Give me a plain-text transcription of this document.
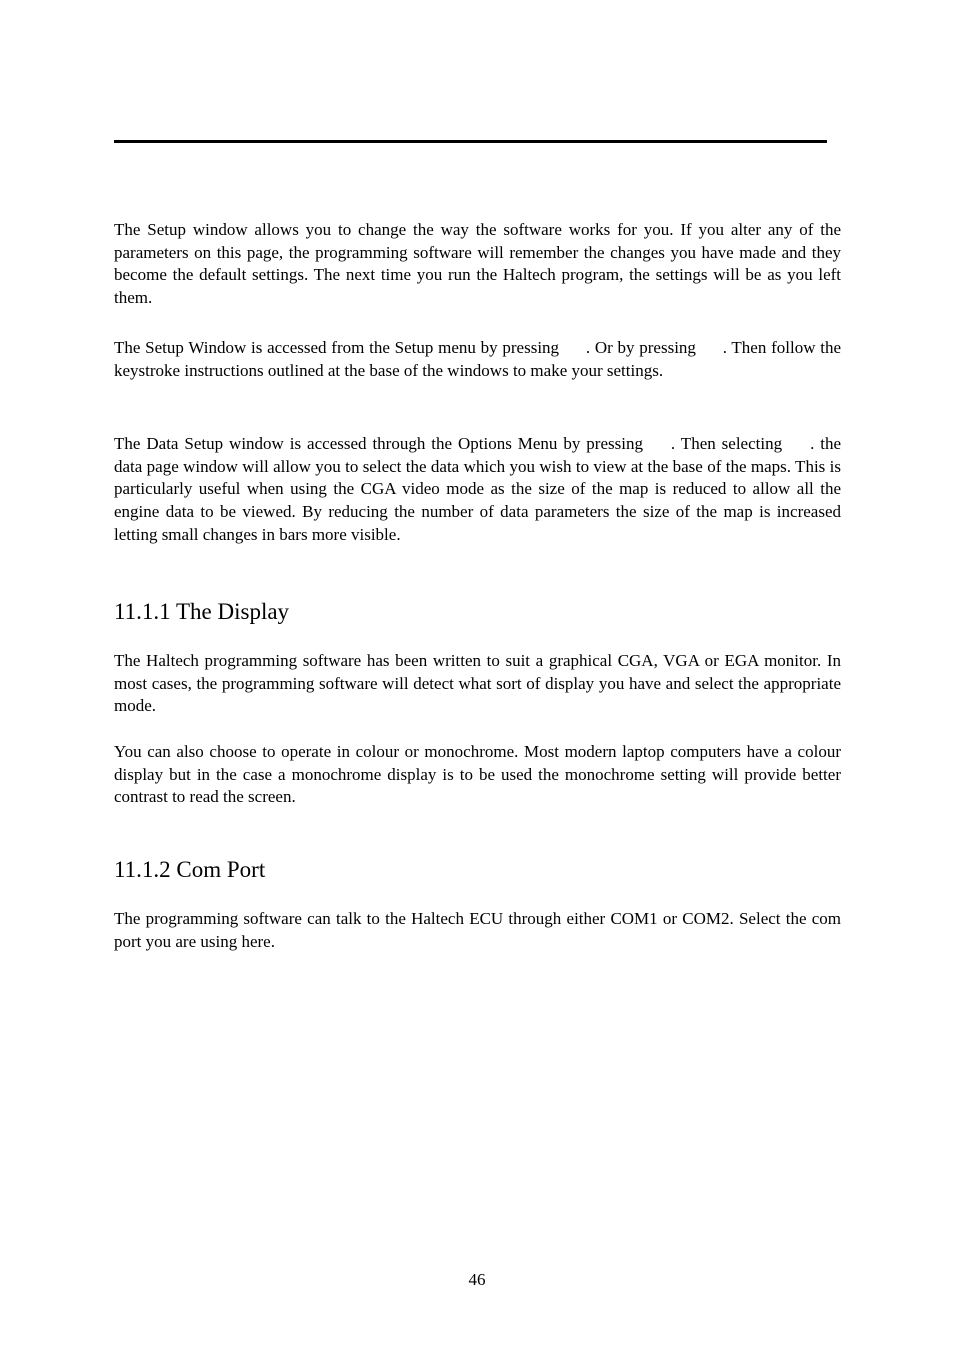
The Setup window allows you to change the way the software works for you. If you alter any of the parameters on this page, the programming software will remember the changes you have made and they become the default settings. The next time you run the Haltech program, the settings will be as you left them.

The Setup Window is accessed from the Setup menu by pressing . Or by pressing . Then follow the keystroke instructions outlined at the base of the windows to make your settings.

The Data Setup window is accessed through the Options Menu by pressing . Then selecting . the data page window will allow you to select the data which you wish to view at the base of the maps. This is particularly useful when using the CGA video mode as the size of the map is reduced to allow all the engine data to be viewed. By reducing the number of data parameters the size of the map is increased letting small changes in bars more visible.

11.1.1 The Display

The Haltech programming software has been written to suit a graphical CGA, VGA or EGA monitor. In most cases, the programming software will detect what sort of display you have and select the appropriate mode.

You can also choose to operate in colour or monochrome. Most modern laptop computers have a colour display but in the case a monochrome display is to be used the monochrome setting will provide better contrast to read the screen.

11.1.2 Com Port

The programming software can talk to the Haltech ECU through either COM1 or COM2. Select the com port you are using here.

46
